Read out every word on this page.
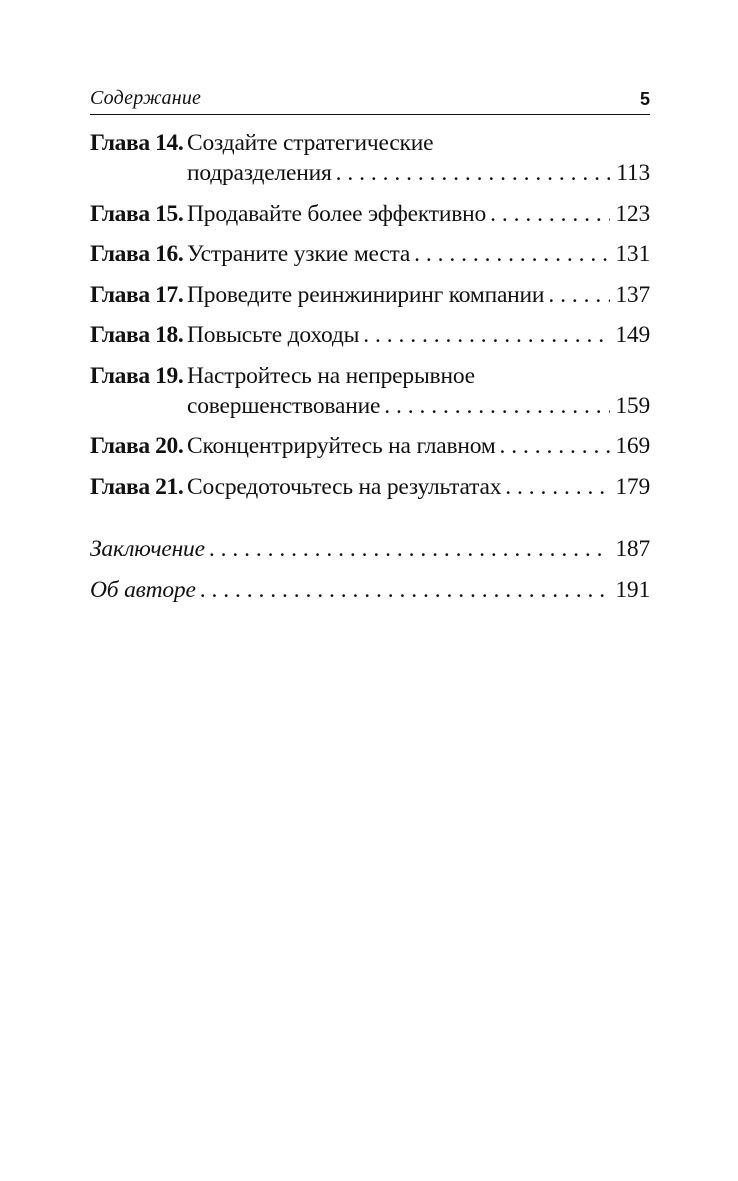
Содержание	5
Глава 14. Создайте стратегические
подразделения . . .	113
Глава 15. Продавайте более эффективно . . .	123
Глава 16. Устраните узкие места . . .	131
Глава 17. Проведите реинжиниринг компании . . .	137
Глава 18. Повысьте доходы . . .	149
Глава 19. Настройтесь на непрерывное
совершенствование . . .	159
Глава 20. Сконцентрируйтесь на главном . . .	169
Глава 21. Сосредоточьтесь на результатах . . .	179
Заключение . . .	187
Об авторе . . .	191
